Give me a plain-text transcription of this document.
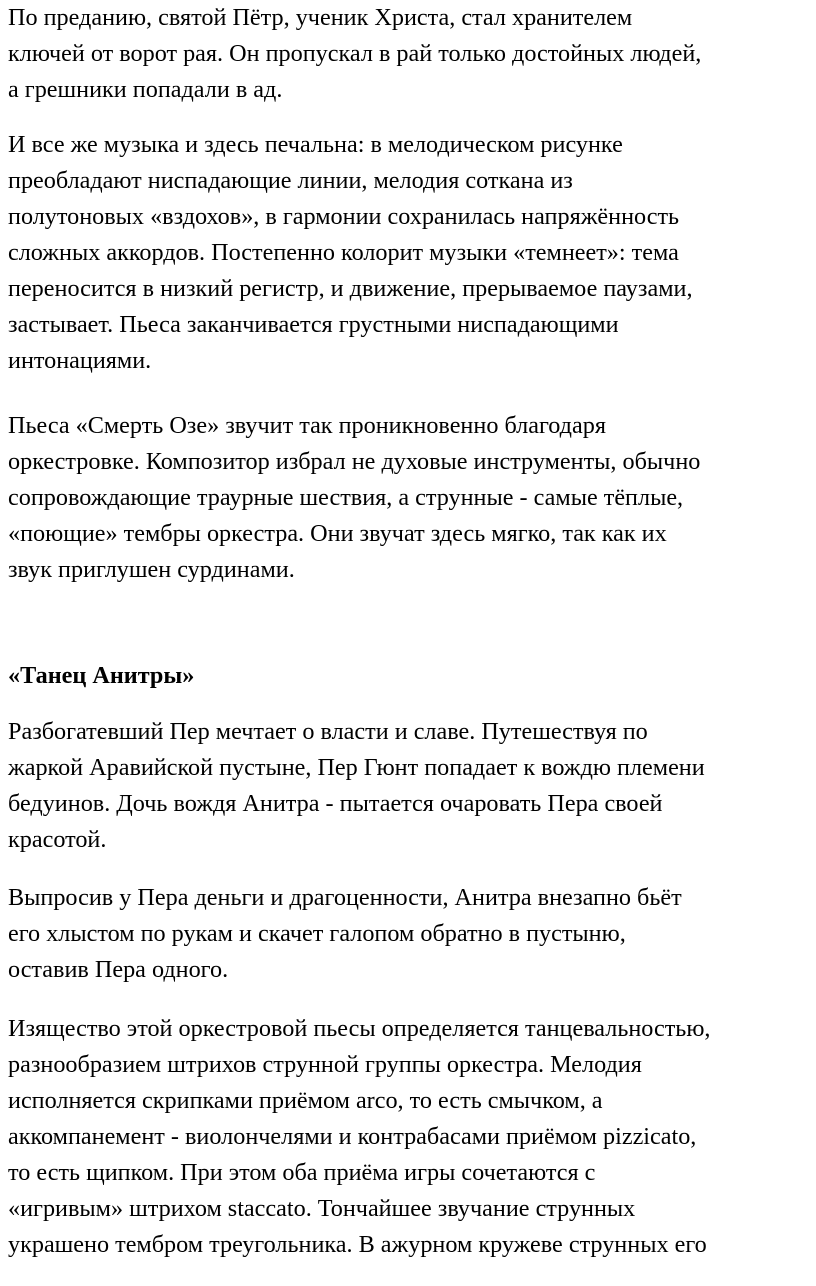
По преданию, святой Пётр, ученик Христа, стал хранителем
ключей от ворот рая. Он пропускал в рай только достойных людей,
а грешники попадали в ад.

И все же музыка и здесь печальна: в мелодическом рисунке
преобладают ниспадающие линии, мелодия соткана из
полутоновых «вздохов», в гармонии сохранилась напряжённость
сложных аккордов. Постепенно колорит музыки «темнеет»: тема
переносится в низкий регистр, и движение, прерываемое паузами,
застывает. Пьеса заканчивается грустными ниспадающими
интонациями.

Пьеса «Смерть Озе» звучит так проникновенно благодаря
оркестровке. Композитор избрал не духовые инструменты, обычно
сопровождающие траурные шествия, а струнные - самые тёплые,
«поющие» тембры оркестра. Они звучат здесь мягко, так как их
звук приглушен сурдинами.

«Танец Анитры»

Разбогатевший Пер мечтает о власти и славе. Путешествуя по
жаркой Аравийской пустыне, Пер Гюнт попадает к вождю племени
бедуинов. Дочь вождя Анитра - пытается очаровать Пера своей
красотой.

Выпросив у Пера деньги и драгоценности, Анитра внезапно бьёт
его хлыстом по рукам и скачет галопом обратно в пустыню,
оставив Пера одного.

Изящество этой оркестровой пьесы определяется танцевальностью,
разнообразием штрихов струнной группы оркестра. Мелодия
исполняется скрипками приёмом arco, то есть смычком, а
аккомпанемент - виолончелями и контрабасами приёмом pizzicato,
то есть щипком. При этом оба приёма игры сочетаются с
«игривым» штрихом staccato. Тончайшее звучание струнных
украшено тембром треугольника. В ажурном кружеве струнных его
